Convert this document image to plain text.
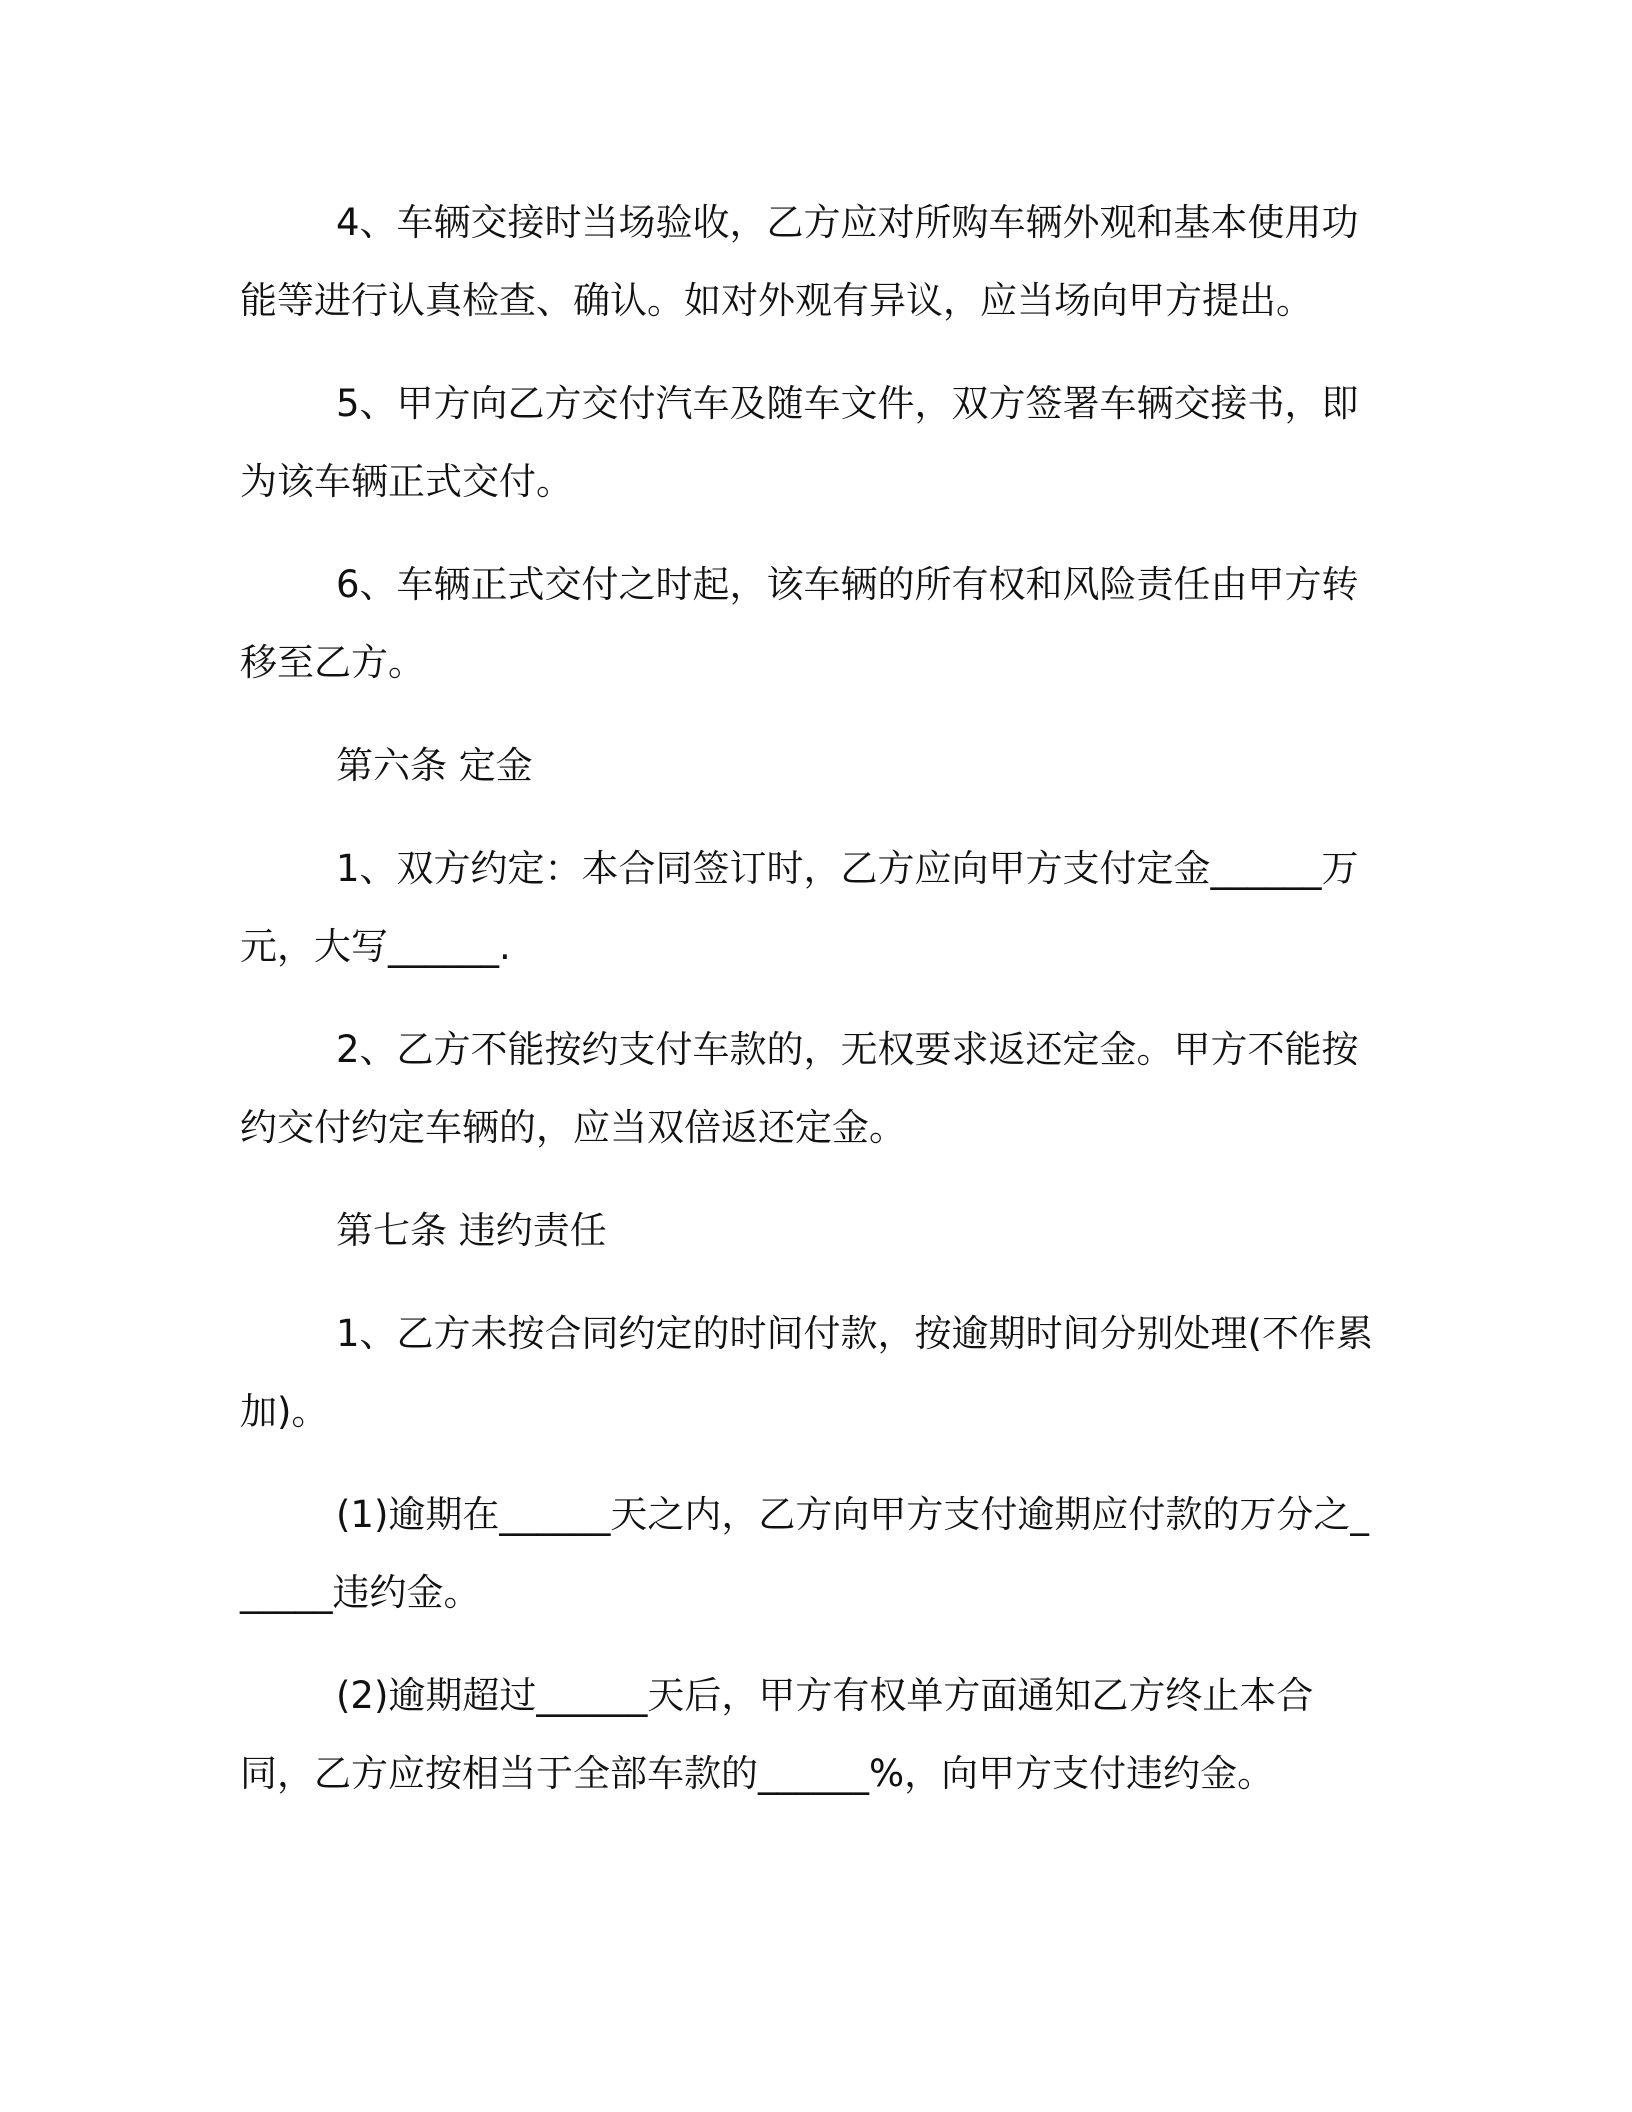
4、车辆交接时当场验收，乙方应对所购车辆外观和基本使用功能等进行认真检查、确认。如对外观有异议，应当场向甲方提出。

5、甲方向乙方交付汽车及随车文件，双方签署车辆交接书，即为该车辆正式交付。

6、车辆正式交付之时起，该车辆的所有权和风险责任由甲方转移至乙方。

第六条 定金

1、双方约定：本合同签订时，乙方应向甲方支付定金______万元，大写______.

2、乙方不能按约支付车款的，无权要求返还定金。甲方不能按约交付约定车辆的，应当双倍返还定金。

第七条 违约责任

1、乙方未按合同约定的时间付款，按逾期时间分别处理(不作累加)。

(1)逾期在______天之内，乙方向甲方支付逾期应付款的万分之______违约金。

(2)逾期超过______天后，甲方有权单方面通知乙方终止本合同，乙方应按相当于全部车款的______%，向甲方支付违约金。
